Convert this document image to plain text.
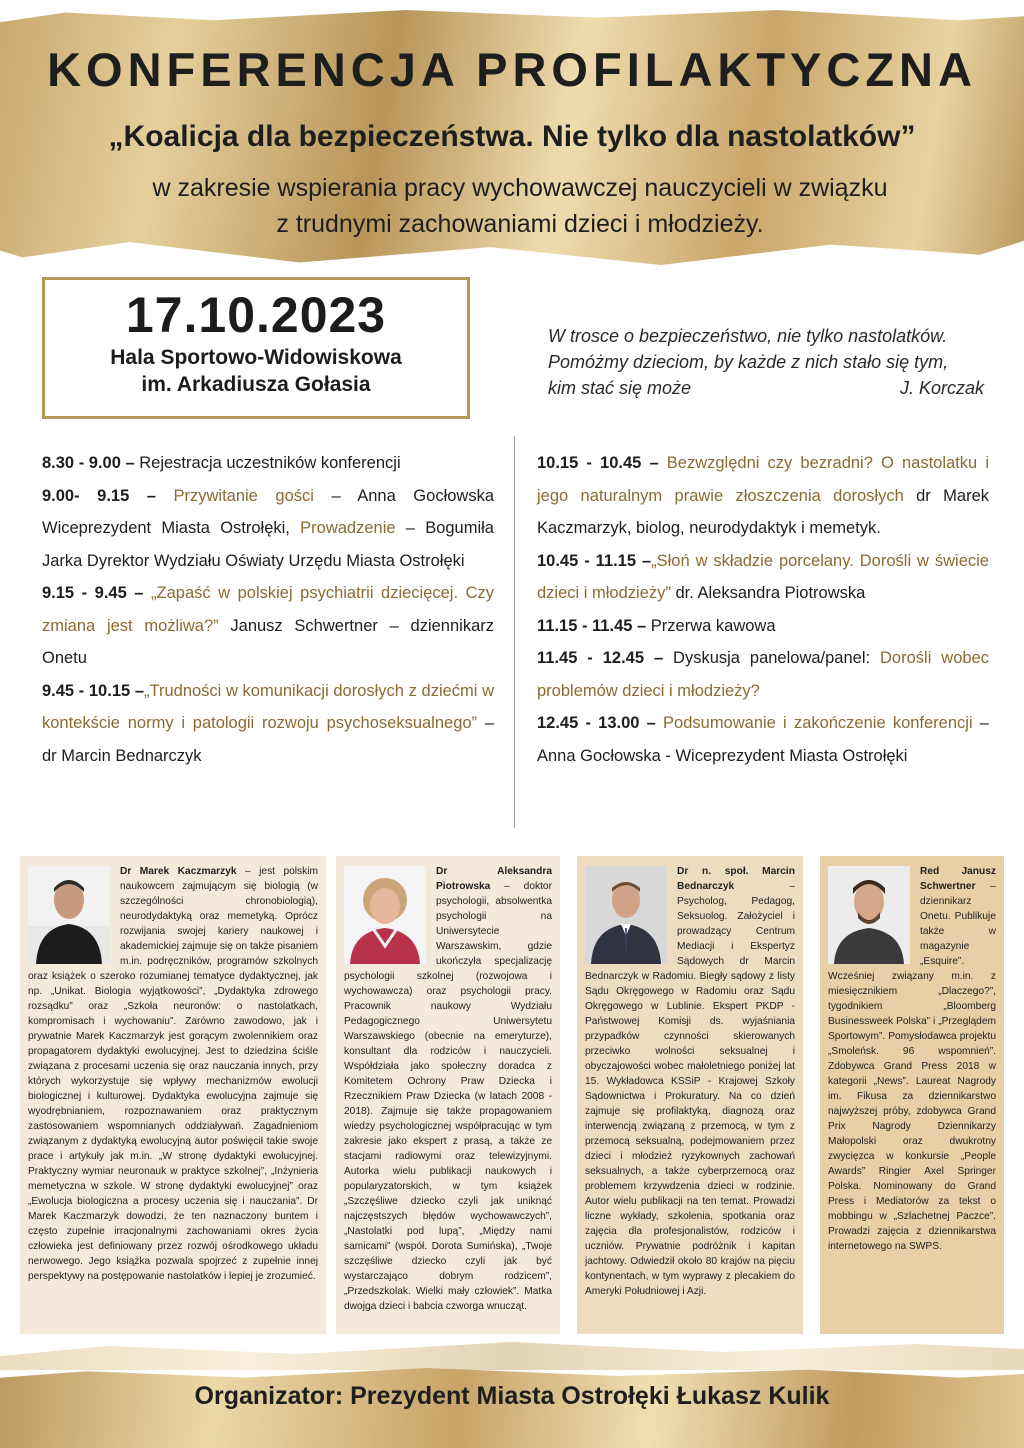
KONFERENCJA PROFILAKTYCZNA
„Koalicja dla bezpieczeństwa. Nie tylko dla nastolatków”
w zakresie wspierania pracy wychowawczej nauczycieli w związku
z trudnymi zachowaniami dzieci i młodzieży.
17.10.2023
Hala Sportowo-Widowiskowa
im. Arkadiusza Gołasia
W trosce o bezpieczeństwo, nie tylko nastolatków.
Pomóżmy dzieciom, by każde z nich stało się tym,
kim stać się może	J. Korczak

8.30 - 9.00 – Rejestracja uczestników konferencji

9.00- 9.15 – Przywitanie gości – Anna Gocłowska Wiceprezydent Miasta Ostrołęki, Prowadzenie – Bogumiła Jarka Dyrektor Wydziału Oświaty Urzędu Miasta Ostrołęki

9.15 - 9.45 – „Zapaść w polskiej psychiatrii dziecięcej. Czy zmiana jest możliwa?” Janusz Schwertner – dziennikarz Onetu

9.45 - 10.15 –„Trudności w komunikacji dorosłych z dziećmi w kontekście normy i patologii rozwoju psychoseksualnego” – dr Marcin Bednarczyk

10.15 - 10.45 – Bezwzględni czy bezradni? O nastolatku i jego naturalnym prawie złoszczenia dorosłych dr Marek Kaczmarzyk, biolog, neurodydaktyk i memetyk.

10.45 - 11.15 –„Słoń w składzie porcelany. Dorośli w świecie dzieci i młodzieży” dr. Aleksandra Piotrowska

11.15 - 11.45 – Przerwa kawowa

11.45 - 12.45 – Dyskusja panelowa/panel: Dorośli wobec problemów dzieci i młodzieży?

12.45 - 13.00 – Podsumowanie i zakończenie konferencji – Anna Gocłowska - Wiceprezydent Miasta Ostrołęki

Dr Marek Kaczmarzyk – jest polskim naukowcem zajmującym się biologią (w szczególności chronobiologią), neurodydaktyką oraz memetyką. Oprócz rozwijania swojej kariery naukowej i akademickiej zajmuje się on także pisaniem m.in. podręczników, programów szkolnych oraz książek o szeroko rozumianej tematyce dydaktycznej, jak np. „Unikat. Biologia wyjątkowości”, „Dydaktyka zdrowego rozsądku” oraz „Szkoła neuronów: o nastolatkach, kompromisach i wychowaniu”. Zarówno zawodowo, jak i prywatnie Marek Kaczmarzyk jest gorącym zwolennikiem oraz propagatorem dydaktyki ewolucyjnej. Jest to dziedzina ściśle związana z procesami uczenia się oraz nauczania innych, przy których wykorzystuje się wpływy mechanizmów ewolucji biologicznej i kulturowej. Dydaktyka ewolucyjna zajmuje się wyodrębnianiem, rozpoznawaniem oraz praktycznym zastosowaniem wspomnianych oddziaływań. Zagadnieniom związanym z dydaktyką ewolucyjną autor poświęcił takie swoje prace i artykuły jak m.in. „W stronę dydaktyki ewolucyjnej. Praktyczny wymiar neuronauk w praktyce szkolnej”, „Inżynieria memetyczna w szkole. W stronę dydaktyki ewolucyjnej” oraz „Ewolucja biologiczna a procesy uczenia się i nauczania”. Dr Marek Kaczmarzyk dowodzi, że ten naznaczony buntem i często zupełnie irracjonalnymi zachowaniami okres życia człowieka jest definiowany przez rozwój ośrodkowego układu nerwowego. Jego książka pozwala spojrzeć z zupełnie innej perspektywy na postępowanie nastolatków i lepiej je zrozumieć.
Dr Aleksandra Piotrowska – doktor psychologii, absolwentka psychologii na Uniwersytecie Warszawskim, gdzie ukończyła specjalizację psychologii szkolnej (rozwojowa i wychowawcza) oraz psychologii pracy. Pracownik naukowy Wydziału Pedagogicznego Uniwersytetu Warszawskiego (obecnie na emeryturze), konsultant dla rodziców i nauczycieli. Współdziała jako społeczny doradca z Komitetem Ochrony Praw Dziecka i Rzecznikiem Praw Dziecka (w latach 2008 - 2018). Zajmuje się także propagowaniem wiedzy psychologicznej współpracując w tym zakresie jako ekspert z prasą, a także ze stacjami radiowymi oraz telewizyjnymi. Autorka wielu publikacji naukowych i popularyzatorskich, w tym książek „Szczęśliwe dziecko czyli jak uniknąć najczęstszych błędów wychowawczych”, „Nastolatki pod lupą”, „Między nami samicami” (współ. Dorota Sumińska), „Twoje szczęśliwe dziecko czyli jak być wystarczająco dobrym rodzicem”, „Przedszkolak. Wielki mały człowiek”. Matka dwojga dzieci i babcia czworga wnucząt.
Dr n. społ. Marcin Bednarczyk – Psycholog, Pedagog, Seksuolog. Założyciel i prowadzący Centrum Mediacji i Ekspertyz Sądowych dr Marcin Bednarczyk w Radomiu. Biegły sądowy z listy Sądu Okręgowego w Radomiu oraz Sądu Okręgowego w Lublinie. Ekspert PKDP - Państwowej Komisji ds. wyjaśniania przypadków czynności skierowanych przeciwko wolności seksualnej i obyczajowości wobec małoletniego poniżej lat 15. Wykładowca KSSiP - Krajowej Szkoły Sądownictwa i Prokuratury. Na co dzień zajmuje się profilaktyką, diagnozą oraz interwencją związaną z przemocą, w tym z przemocą seksualną, podejmowaniem przez dzieci i młodzież ryzykownych zachowań seksualnych, a także cyberprzemocą oraz problemem krzywdzenia dzieci w rodzinie. Autor wielu publikacji na ten temat. Prowadzi liczne wykłady, szkolenia, spotkania oraz zajęcia dla profesjonalistów, rodziców i uczniów. Prywatnie podróżnik i kapitan jachtowy. Odwiedził około 80 krajów na pięciu kontynentach, w tym wyprawy z plecakiem do Ameryki Południowej i Azji.
Red Janusz Schwertner – dziennikarz Onetu. Publikuje także w magazynie „Esquire”. Wcześniej związany m.in. z miesięcznikiem „Dlaczego?”, tygodnikiem „Bloomberg Businessweek Polska” i „Przeglądem Sportowym”. Pomysłodawca projektu „Smoleńsk. 96 wspomnień”. Zdobywca Grand Press 2018 w kategorii „News”. Laureat Nagrody im. Fikusa za dziennikarstwo najwyższej próby, zdobywca Grand Prix Nagrody Dziennikarzy Małopolski oraz dwukrotny zwycięzca w konkursie „People Awards” Ringier Axel Springer Polska. Nominowany do Grand Press i Mediatorów za tekst o mobbingu w „Szlachetnej Paczce”. Prowadzi zajęcia z dziennikarstwa internetowego na SWPS.
Organizator: Prezydent Miasta Ostrołęki Łukasz Kulik
